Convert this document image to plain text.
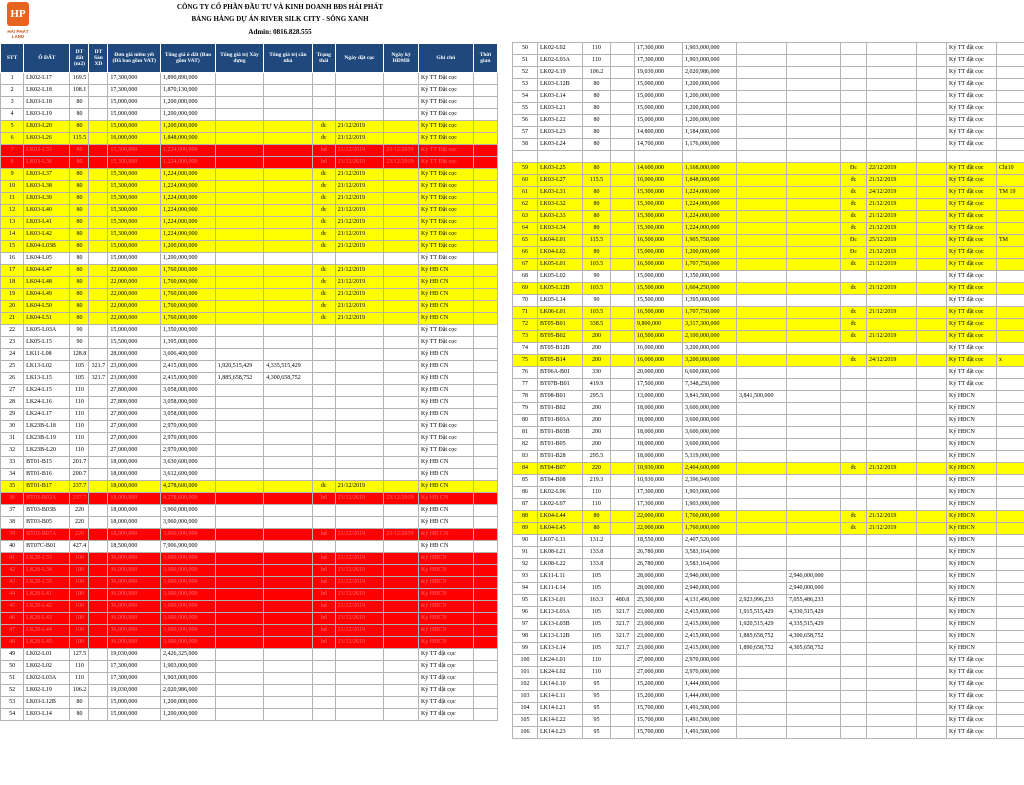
HP
HẢI PHÁT LAND
CÔNG TY CỔ PHẦN ĐẦU TƯ VÀ KINH DOANH BĐS HẢI PHÁT
BẢNG HÀNG DỰ ÁN RIVER SILK CITY - SÔNG XANH
Admin: 0816.828.555
STT	Ô ĐẤT	DT đất (m2)	DT Sàn XD	Đơn giá niêm yết (Đã bao gồm VAT)	Tổng giá ô đất (Bao gồm VAT)	Tổng giá trị Xây dựng	Tổng giá trị căn nhà	Trạng thái	Ngày đặt cọc	Ngày ký HĐMB	Ghi chú	Thời gian
1	LK02-L17	169.5		17,300,000	1,890,890,000						Ký TT Đặt cọc	
2	LK02-L18	108.1		17,300,000	1,870,130,000						Ký TT Đặt cọc	
3	LK03-L18	80		15,000,000	1,200,000,000						Ký TT Đặt cọc	
4	LK03-L19	80		15,000,000	1,200,000,000						Ký TT Đặt cọc	
5	LK03-L20	80		15,000,000	1,200,000,000			đc	21/12/2019		Ký TT Đặt cọc	
6	LK03-L26	115.5		16,000,000	1,848,000,000			đc	21/12/2019		Ký TT Đặt cọc	
7	LK03-L33	80		15,300,000	1,224,000,000			hđ	21/12/2019	23/12/2019	Ký TT Đặt cọc	
8	LK03-L36	80		15,300,000	1,224,000,000			hđ	21/12/2019	23/12/2019	Ký TT Đặt cọc	
9	LK03-L37	80		15,300,000	1,224,000,000			đc	21/12/2019		Ký TT Đặt cọc	
10	LK03-L38	80		15,300,000	1,224,000,000			đc	21/12/2019		Ký TT Đặt cọc	
11	LK03-L39	80		15,300,000	1,224,000,000			đc	21/12/2019		Ký TT Đặt cọc	
12	LK03-L40	80		15,300,000	1,224,000,000			đc	21/12/2019		Ký TT Đặt cọc	
13	LK03-L41	80		15,300,000	1,224,000,000			đc	21/12/2019		Ký TT Đặt cọc	
14	LK03-L42	80		15,300,000	1,224,000,000			đc	21/12/2019		Ký TT Đặt cọc	
15	LK04-L03B	80		15,000,000	1,200,000,000			đc	21/12/2019		Ký TT Đặt cọc	
16	LK04-L05	80		15,000,000	1,200,000,000						Ký TT Đặt cọc	
17	LK04-L47	80		22,000,000	1,760,000,000			đc	21/12/2019		Ký HĐ CN	
18	LK04-L48	80		22,000,000	1,760,000,000			đc	21/12/2019		Ký HĐ CN	
19	LK04-L49	80		22,000,000	1,760,000,000			đc	21/12/2019		Ký HĐ CN	
20	LK04-L50	80		22,000,000	1,760,000,000			đc	21/12/2019		Ký HĐ CN	
21	LK04-L51	80		22,000,000	1,760,000,000			đc	21/12/2019		Ký HĐ CN	
22	LK05-L03A	90		15,000,000	1,350,000,000						Ký TT Đặt cọc	
23	LK05-L15	90		15,500,000	1,395,000,000						Ký TT Đặt cọc	
24	LK11-L08	128.8		28,000,000	3,606,400,000						Ký HĐ CN	
25	LK13-L02	105	321.7	23,000,000	2,415,000,000	1,920,515,429	4,335,515,429				Ký HĐ CN	
26	LK13-L15	105	321.7	23,000,000	2,415,000,000	1,885,658,752	4,300,658,752				Ký HĐ CN	
27	LK24-L15	110		27,800,000	3,058,000,000						Ký HĐ CN	
28	LK24-L16	110		27,800,000	3,058,000,000						Ký HĐ CN	
29	LK24-L17	110		27,800,000	3,058,000,000						Ký HĐ CN	
30	LK23B-L18	110		27,000,000	2,970,000,000						Ký TT Đặt cọc	
31	LK23B-L19	110		27,000,000	2,970,000,000						Ký TT Đặt cọc	
32	LK23B-L20	110		27,000,000	2,970,000,000						Ký TT Đặt cọc	
33	BT01-B15	201.7		18,000,000	3,630,600,000						Ký HĐ CN	
34	BT01-B16	200.7		18,000,000	3,612,600,000						Ký HĐ CN	
35	BT01-B17	237.7		18,000,000	4,278,600,000			đc	21/12/2019		Ký HĐ CN	
36	BT03-B03A	237.7		18,000,000	4,278,600,000			hđ	21/12/2019	23/12/2019	Ký HĐ CN	
37	BT03-B03B	220		18,000,000	3,960,000,000						Ký HĐ CN	
38	BT03-B05	220		18,000,000	3,960,000,000						Ký HĐ CN	
39	BT03-B07A	220		18,000,000	3,960,000,000			hđ	21/12/2019	23/12/2019	Ký HĐ CN	
40	BT07C-B01	427.4		18,500,000	7,906,900,000						Ký HĐ CN	
41	LK20-L33	100		36,000,000	3,600,000,000			hđ	21/12/2019		Ký HĐCN	
42	LK20-L34	100		36,000,000	3,600,000,000			hđ	21/12/2019		Ký HĐCN	
43	LK20-L35	100		36,000,000	3,600,000,000			hđ	21/12/2019		Ký HĐCN	
44	LK20-L41	100		36,000,000	3,600,000,000			hđ	21/12/2019		Ký HĐCN	
45	LK20-L42	100		36,000,000	3,600,000,000			hđ	21/12/2019		Ký HĐCN	
46	LK20-L43	100		36,000,000	3,600,000,000			hđ	21/12/2019		Ký HĐCN	
47	LK20-L44	100		36,000,000	3,600,000,000			hđ	21/12/2019		Ký HĐCN	
48	LK20-L45	100		36,000,000	3,600,000,000			hđ	21/12/2019		Ký HĐCN	
49	LK02-L01	127.5		19,030,000	2,426,325,000						Ký TT đặt cọc	
50	LK02-L02	110		17,300,000	1,903,000,000						Ký TT đặt cọc	
51	LK02-L03A	110		17,300,000	1,903,000,000						Ký TT đặt cọc	
52	LK02-L19	106.2		19,030,000	2,020,986,000						Ký TT đặt cọc	
53	LK03-L12B	80		15,000,000	1,200,000,000						Ký TT đặt cọc	
54	LK03-L14	80		15,000,000	1,200,000,000						Ký TT đặt cọc	
50	LK02-L02	110		17,300,000	1,903,000,000						Ký TT đặt cọc	
51	LK02-L03A	110		17,300,000	1,903,000,000						Ký TT đặt cọc	
52	LK02-L19	106.2		19,030,000	2,020,986,000						Ký TT đặt cọc	
53	LK03-L12B	80		15,000,000	1,200,000,000						Ký TT đặt cọc	
54	LK03-L14	80		15,000,000	1,200,000,000						Ký TT đặt cọc	
55	LK03-L21	80		15,000,000	1,200,000,000						Ký TT đặt cọc	
56	LK03-L22	80		15,000,000	1,200,000,000						Ký TT đặt cọc	
57	LK03-L23	80		14,800,000	1,184,000,000						Ký TT đặt cọc	
58	LK03-L24	80		14,700,000	1,176,000,000						Ký TT đặt cọc	

59	LK03-L25	80		14,600,000	1,168,000,000			Đc	22/12/2019		Ký TT đặt cọc	Chi10
60	LK03-L27	115.5		16,000,000	1,848,000,000			đc	21/12/2019		Ký TT đặt cọc	
61	LK03-L31	80		15,300,000	1,224,000,000			đc	24/12/2019		Ký TT đặt cọc	TM 19
62	LK03-L32	80		15,300,000	1,224,000,000			đc	21/12/2019		Ký TT đặt cọc	
63	LK03-L33	80		15,300,000	1,224,000,000			đc	21/12/2019		Ký TT đặt cọc	
64	LK03-L34	80		15,300,000	1,224,000,000			đc	21/12/2019		Ký TT đặt cọc	
65	LK04-L01	115.5		16,500,000	1,905,750,000			Đc	25/12/2019		Ký TT đặt cọc	TM
66	LK04-L02	80		15,000,000	1,200,000,000			Đc	21/12/2019		Ký TT đặt cọc	
67	LK05-L01	103.5		16,500,000	1,707,750,000			đc	21/12/2019		Ký TT đặt cọc	
68	LK05-L02	90		15,000,000	1,350,000,000						Ký TT đặt cọc	
69	LK05-L12B	103.5		15,500,000	1,604,250,000			đc	21/12/2019		Ký TT đặt cọc	
70	LK05-L14	90		15,500,000	1,395,000,000						Ký TT đặt cọc	
71	LK06-L01	103.5		16,500,000	1,707,750,000			đc	21/12/2019		Ký TT đặt cọc	
72	BT05-B01	338.5		9,800,000	3,317,300,000			đc			Ký TT đặt cọc	
73	BT05-B02	200		10,500,000	2,100,000,000			đc	21/12/2019		Ký TT đặt cọc	
74	BT05-B12B	200		16,000,000	3,200,000,000						Ký TT đặt cọc	
75	BT05-B14	200		16,000,000	3,200,000,000			đc	24/12/2019		Ký TT đặt cọc	x
76	BT06A-B01	330		20,000,000	6,600,000,000						Ký TT đặt cọc	
77	BT07B-B01	419.9		17,500,000	7,348,250,000						Ký TT đặt cọc	
78	BT08-B01	295.5		13,000,000	3,841,500,000	3,841,500,000					Ký HĐCN	
79	BT01-B02	200		18,000,000	3,600,000,000						Ký HĐCN	
80	BT01-B03A	200		18,000,000	3,600,000,000						Ký HĐCN	
81	BT01-B03B	200		18,000,000	3,600,000,000						Ký HĐCN	
82	BT01-B05	200		18,000,000	3,600,000,000						Ký HĐCN	
83	BT01-B28	295.5		18,000,000	5,319,000,000						Ký HĐCN	
84	BT04-B07	220		10,930,000	2,404,600,000			đc	21/12/2019		Ký HĐCN	
85	BT04-B08	219.3		10,930,000	2,396,949,000						Ký HĐCN	
86	LK02-L06	110		17,300,000	1,903,000,000						Ký HĐCN	
87	LK02-L07	110		17,300,000	1,903,000,000						Ký HĐCN	
88	LK04-L44	80		22,000,000	1,760,000,000			đc	21/12/2019		Ký HĐCN	
89	LK04-L45	80		22,000,000	1,760,000,000			đc	21/12/2019		Ký HĐCN	
90	LK07-L11	131.2		18,550,000	2,407,520,000						Ký HĐCN	
91	LK08-L21	133.8		26,780,000	3,583,164,000						Ký HĐCN	
92	LK08-L22	133.8		26,780,000	3,583,164,000						Ký HĐCN	
93	LK11-L11	105		28,000,000	2,940,000,000		2,940,000,000				Ký HĐCN	
94	LK11-L14	105		28,000,000	2,940,000,000		2,940,000,000				Ký HĐCN	
95	LK13-L01	163.3	480.8	25,300,000	4,131,490,000	2,923,996,233	7,055,486,233				Ký HĐCN	
96	LK13-L03A	105	321.7	23,000,000	2,415,000,000	1,915,515,429	4,330,515,429				Ký HĐCN	
97	LK13-L03B	105	321.7	23,000,000	2,415,000,000	1,920,515,429	4,335,515,429				Ký HĐCN	
98	LK13-L12B	105	321.7	23,000,000	2,415,000,000	1,885,658,752	4,300,658,752				Ký HĐCN	
99	LK13-L14	105	321.7	23,000,000	2,415,000,000	1,890,658,752	4,305,658,752				Ký HĐCN	
100	LK24-L01	110		27,000,000	2,970,000,000						Ký TT đặt cọc	
101	LK24-L02	110		27,000,000	2,970,000,000						Ký TT đặt cọc	
102	LK14-L10	95		15,200,000	1,444,000,000						Ký TT đặt cọc	
103	LK14-L11	95		15,200,000	1,444,000,000						Ký TT đặt cọc	
104	LK14-L21	95		15,700,000	1,491,500,000						Ký TT đặt cọc	
105	LK14-L22	95		15,700,000	1,491,500,000						Ký TT đặt cọc	
106	LK14-L23	95		15,700,000	1,491,500,000						Ký TT đặt cọc	
